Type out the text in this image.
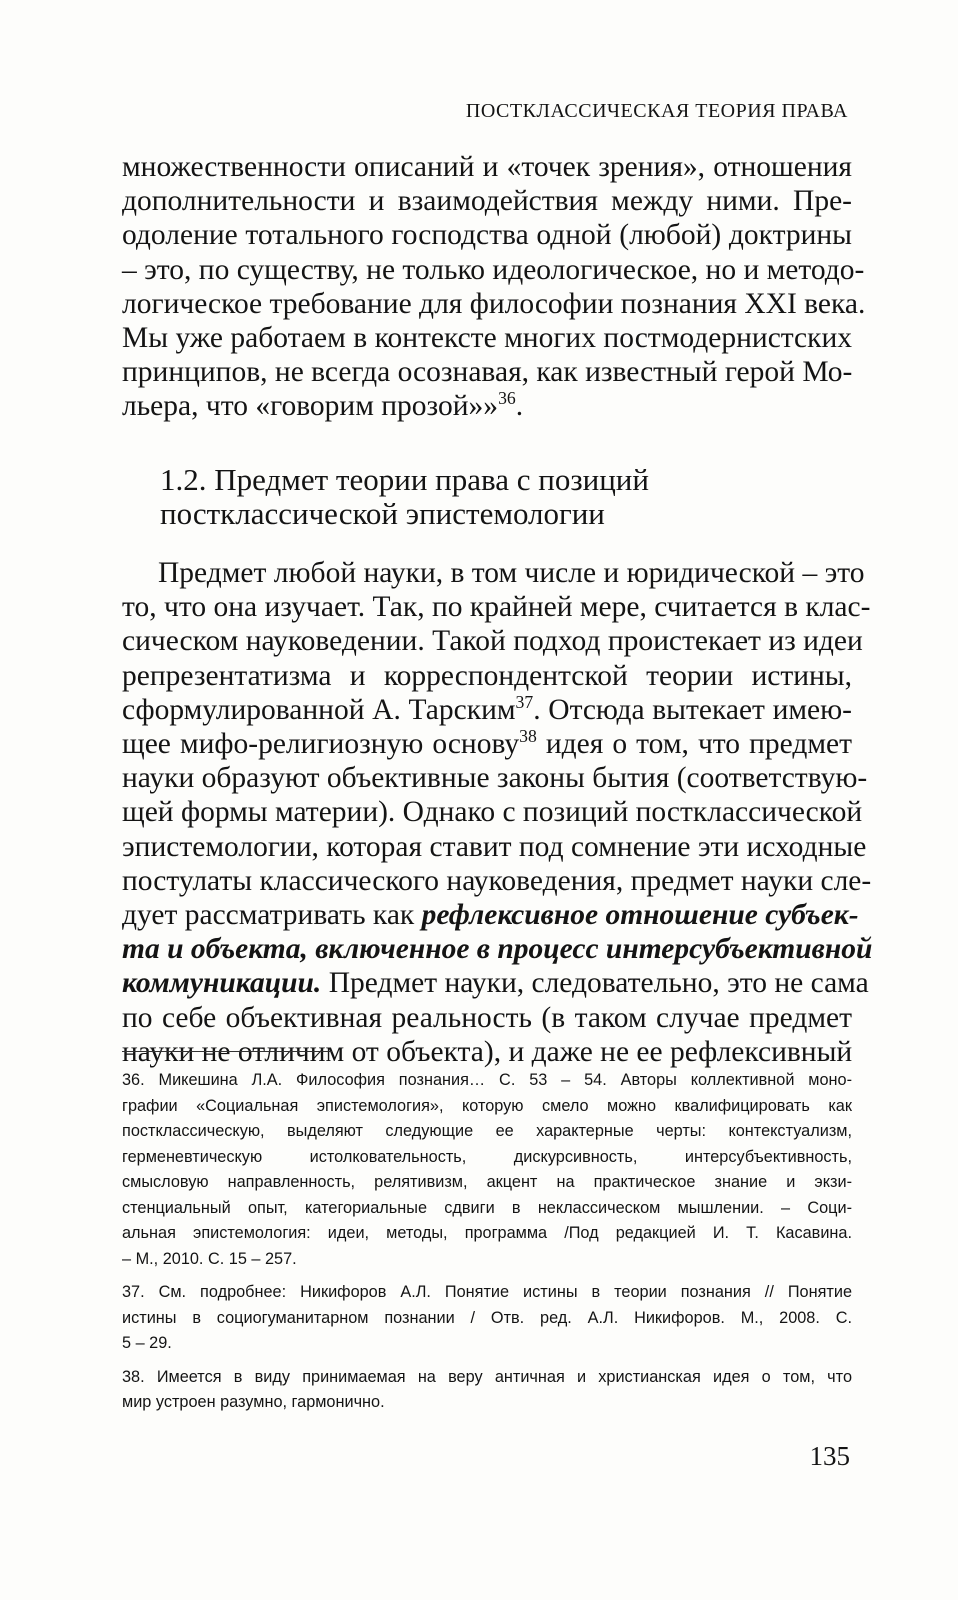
ПОСТКЛАССИЧЕСКАЯ ТЕОРИЯ ПРАВА
множественности описаний и «точек зрения», отношения
дополнительности и взаимодействия между ними. Пре-
одоление тотального господства одной (любой) доктрины
– это, по существу, не только идеологическое, но и методо-
логическое требование для философии познания XXI века.
Мы уже работаем в контексте многих постмодернистских
принципов, не всегда осознавая, как известный герой Мо-
льера, что «говорим прозой»»$^{36}$.
1.2. Предмет теории права с позиций
постклассической эпистемологии
Предмет любой науки, в том числе и юридической – это
то, что она изучает. Так, по крайней мере, считается в клас-
сическом науковедении. Такой подход проистекает из идеи
репрезентатизма и корреспондентской теории истины,
сформулированной А. Тарским$^{37}$. Отсюда вытекает имею-
щее мифо-религиозную основу$^{38}$ идея о том, что предмет
науки образуют объективные законы бытия (соответствую-
щей формы материи). Однако с позиций постклассической
эпистемологии, которая ставит под сомнение эти исходные
постулаты классического науковедения, предмет науки сле-
дует рассматривать как рефлексивное отношение субъек-
та и объекта, включенное в процесс интерсубъективной
коммуникации. Предмет науки, следовательно, это не сама
по себе объективная реальность (в таком случае предмет
науки не отличим от объекта), и даже не ее рефлексивный
36. Микешина Л.А. Философия познания… С. 53 – 54. Авторы коллективной моно-
графии «Социальная эпистемология», которую смело можно квалифицировать как
постклассическую, выделяют следующие ее характерные черты: контекстуализм,
герменевтическую истолковательность, дискурсивность, интерсубъективность,
смысловую направленность, релятивизм, акцент на практическое знание и экзи-
стенциальный опыт, категориальные сдвиги в неклассическом мышлении. – Соци-
альная эпистемология: идеи, методы, программа /Под редакцией И. Т. Касавина.
– М., 2010. С. 15 – 257.
37. См. подробнее: Никифоров А.Л. Понятие истины в теории познания // Понятие
истины в социогуманитарном познании / Отв. ред. А.Л. Никифоров. М., 2008. С.
5 – 29.
38. Имеется в виду принимаемая на веру античная и христианская идея о том, что
мир устроен разумно, гармонично.
135
